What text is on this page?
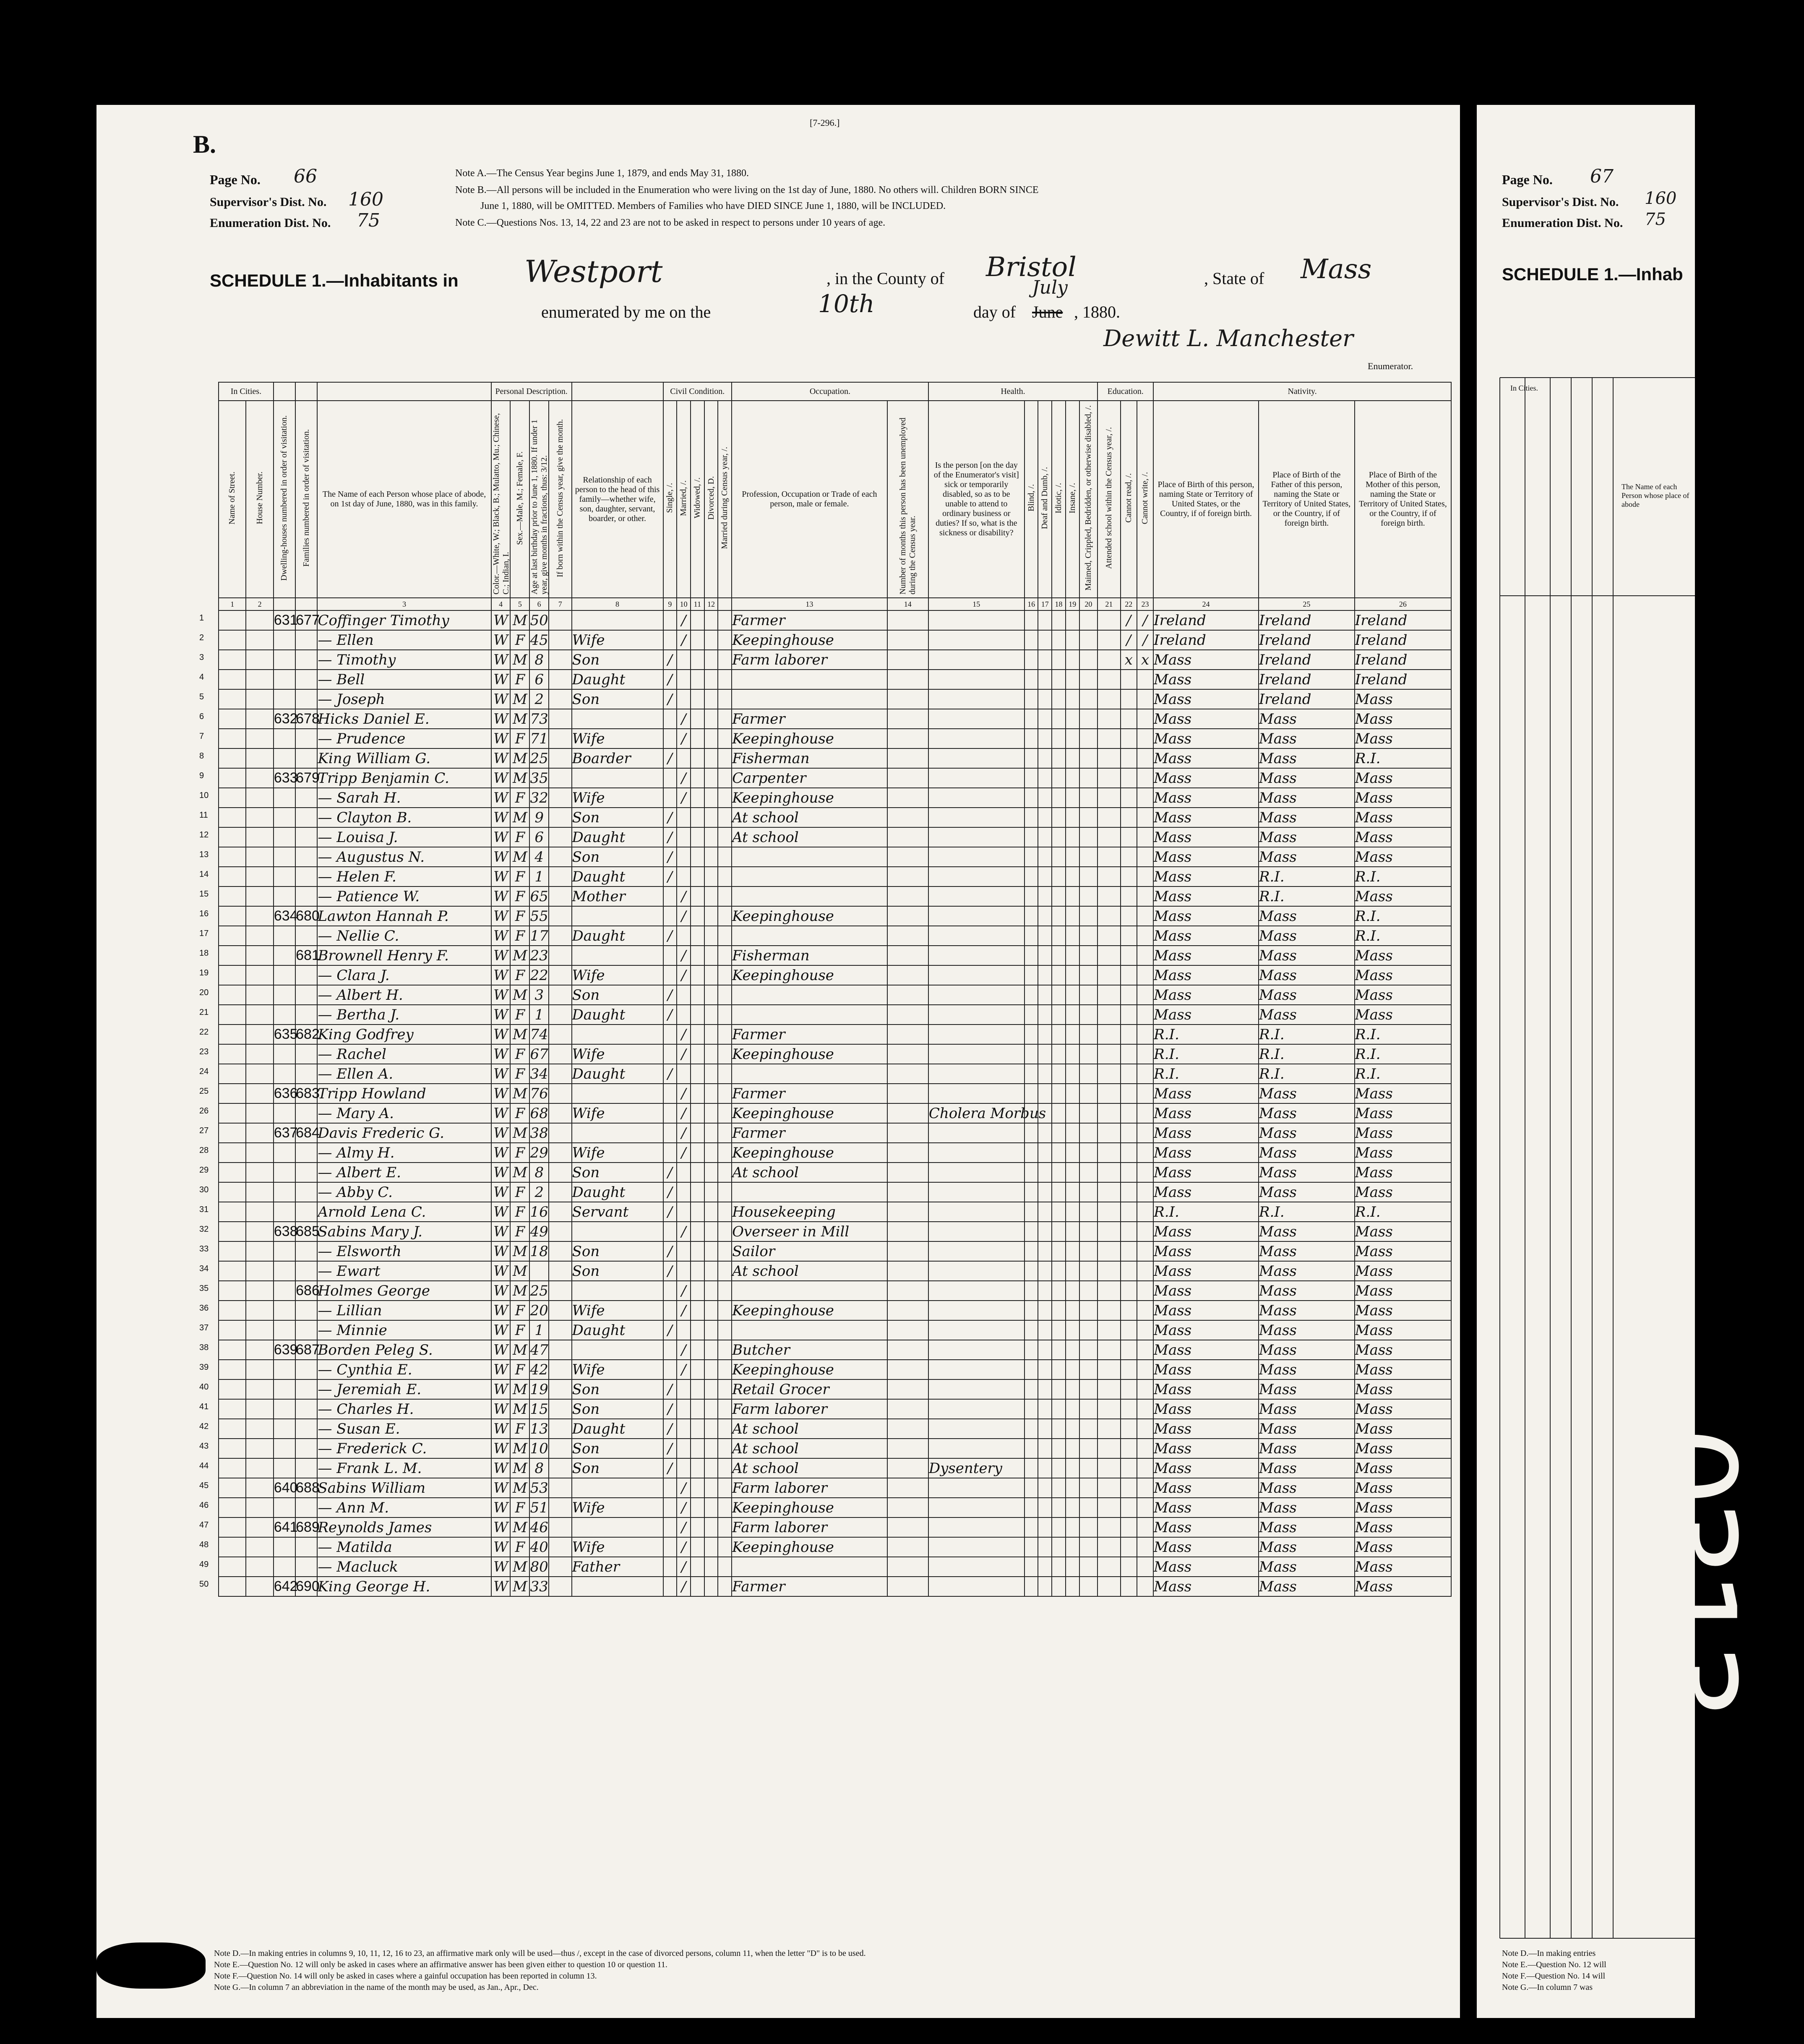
[7-296.]
B.
Page No. 66
Supervisor's Dist. No. 160
Enumeration Dist. No. 75
Note A.—The Census Year begins June 1, 1879, and ends May 31, 1880.
Note B.—All persons will be included in the Enumeration who were living on the 1st day of June, 1880. No others will. Children BORN SINCE
June 1, 1880, will be OMITTED. Members of Families who have DIED SINCE June 1, 1880, will be INCLUDED.
Note C.—Questions Nos. 13, 14, 22 and 23 are not to be asked in respect to persons under 10 years of age.
SCHEDULE 1.—Inhabitants in Westport	, in the County of Bristol	, State of Mass
enumerated by me on the	10th	day of
July
June , 1880.
Dewitt L. Manchester
Enumerator.
In Cities.					Personal Description.					Civil Condition.					Occupation.		Health.						Education.			Nativity.		
Name of Street.	House Number.	Dwelling-houses numbered in order of visitation.	Families numbered in order of visitation.	The Name of each Person whose place of abode, on 1st day of June, 1880, was in this family.	Color.—White, W.; Black, B.; Mulatto, Mu.; Chinese, C.; Indian, I.	Sex.—Male, M.; Female, F.	Age at last birthday prior to June 1, 1880. If under 1 year, give months in fractions, thus: 3/12.	If born within the Census year, give the month.	Relationship of each person to the head of this family—whether wife, son, daughter, servant, boarder, or other.	Single, /.	Married, /.	Widowed, /.	Divorced, D.	Married during Census year, /.	Profession, Occupation or Trade of each person, male or female.	Number of months this person has been unemployed during the Census year.	Is the person [on the day of the Enumerator's visit] sick or temporarily disabled, so as to be unable to attend to ordinary business or duties? If so, what is the sickness or disability?	Blind, /.	Deaf and Dumb, /.	Idiotic, /.	Insane, /.	Maimed, Crippled, Bedridden, or otherwise disabled, /.	Attended school within the Census year, /.	Cannot read, /.	Cannot write, /.	Place of Birth of this person, naming State or Territory of United States, or the Country, if of foreign birth.	Place of Birth of the Father of this person, naming the State or Territory of United States, or the Country, if of foreign birth.	Place of Birth of the Mother of this person, naming the State or Territory of United States, or the Country, if of foreign birth.
1	2			3	4	5	6	7	8	9	10	11	12		13	14	15	16	17	18	19	20	21	22	23	24	25	26
		631	677	Coffinger Timothy	W	M	50				/				Farmer									/	/	Ireland	Ireland	Ireland
				— Ellen	W	F	45		Wife		/				Keepinghouse									/	/	Ireland	Ireland	Ireland
				— Timothy	W	M	8		Son	/					Farm laborer									x	x	Mass	Ireland	Ireland
				— Bell	W	F	6		Daught	/																Mass	Ireland	Ireland
				— Joseph	W	M	2		Son	/																Mass	Ireland	Mass
		632	678	Hicks Daniel E.	W	M	73				/				Farmer											Mass	Mass	Mass
				— Prudence	W	F	71		Wife		/				Keepinghouse											Mass	Mass	Mass
				King William G.	W	M	25		Boarder	/					Fisherman											Mass	Mass	R.I.
		633	679	Tripp Benjamin C.	W	M	35				/				Carpenter											Mass	Mass	Mass
				— Sarah H.	W	F	32		Wife		/				Keepinghouse											Mass	Mass	Mass
				— Clayton B.	W	M	9		Son	/					At school											Mass	Mass	Mass
				— Louisa J.	W	F	6		Daught	/					At school											Mass	Mass	Mass
				— Augustus N.	W	M	4		Son	/																Mass	Mass	Mass
				— Helen F.	W	F	1		Daught	/																Mass	R.I.	R.I.
				— Patience W.	W	F	65		Mother		/															Mass	R.I.	Mass
		634	680	Lawton Hannah P.	W	F	55				/				Keepinghouse											Mass	Mass	R.I.
				— Nellie C.	W	F	17		Daught	/																Mass	Mass	R.I.
			681	Brownell Henry F.	W	M	23				/				Fisherman											Mass	Mass	Mass
				— Clara J.	W	F	22		Wife		/				Keepinghouse											Mass	Mass	Mass
				— Albert H.	W	M	3		Son	/																Mass	Mass	Mass
				— Bertha J.	W	F	1		Daught	/																Mass	Mass	Mass
		635	682	King Godfrey	W	M	74				/				Farmer											R.I.	R.I.	R.I.
				— Rachel	W	F	67		Wife		/				Keepinghouse											R.I.	R.I.	R.I.
				— Ellen A.	W	F	34		Daught	/																R.I.	R.I.	R.I.
		636	683	Tripp Howland	W	M	76				/				Farmer											Mass	Mass	Mass
				— Mary A.	W	F	68		Wife		/				Keepinghouse		Cholera Morbus									Mass	Mass	Mass
		637	684	Davis Frederic G.	W	M	38				/				Farmer											Mass	Mass	Mass
				— Almy H.	W	F	29		Wife		/				Keepinghouse											Mass	Mass	Mass
				— Albert E.	W	M	8		Son	/					At school											Mass	Mass	Mass
				— Abby C.	W	F	2		Daught	/																Mass	Mass	Mass
				Arnold Lena C.	W	F	16		Servant	/					Housekeeping											R.I.	R.I.	R.I.
		638	685	Sabins Mary J.	W	F	49				/				Overseer in Mill											Mass	Mass	Mass
				— Elsworth	W	M	18		Son	/					Sailor											Mass	Mass	Mass
				— Ewart	W	M			Son	/					At school											Mass	Mass	Mass
			686	Holmes George	W	M	25				/															Mass	Mass	Mass
				— Lillian	W	F	20		Wife		/				Keepinghouse											Mass	Mass	Mass
				— Minnie	W	F	1		Daught	/																Mass	Mass	Mass
		639	687	Borden Peleg S.	W	M	47				/				Butcher											Mass	Mass	Mass
				— Cynthia E.	W	F	42		Wife		/				Keepinghouse											Mass	Mass	Mass
				— Jeremiah E.	W	M	19		Son	/					Retail Grocer											Mass	Mass	Mass
				— Charles H.	W	M	15		Son	/					Farm laborer											Mass	Mass	Mass
				— Susan E.	W	F	13		Daught	/					At school											Mass	Mass	Mass
				— Frederick C.	W	M	10		Son	/					At school											Mass	Mass	Mass
				— Frank L. M.	W	M	8		Son	/					At school		Dysentery									Mass	Mass	Mass
		640	688	Sabins William	W	M	53				/				Farm laborer											Mass	Mass	Mass
				— Ann M.	W	F	51		Wife		/				Keepinghouse											Mass	Mass	Mass
		641	689	Reynolds James	W	M	46				/				Farm laborer											Mass	Mass	Mass
				— Matilda	W	F	40		Wife		/				Keepinghouse											Mass	Mass	Mass
				— Macluck	W	M	80		Father		/															Mass	Mass	Mass
		642	690	King George H.	W	M	33				/				Farmer											Mass	Mass	Mass
1
2
3
4
5
6
7
8
9
10
11
12
13
14
15
16
17
18
19
20
21
22
23
24
25
26
27
28
29
30
31
32
33
34
35
36
37
38
39
40
41
42
43
44
45
46
47
48
49
50
Note D.—In making entries in columns 9, 10, 11, 12, 16 to 23, an affirmative mark only will be used—thus /, except in the case of divorced persons, column 11, when the letter "D" is to be used.
Note E.—Question No. 12 will only be asked in cases where an affirmative answer has been given either to question 10 or question 11.
Note F.—Question No. 14 will only be asked in cases where a gainful occupation has been reported in column 13.
Note G.—In column 7 an abbreviation in the name of the month may be used, as Jan., Apr., Dec.
Page No. 67
Supervisor's Dist. No. 160
Enumeration Dist. No. 75
SCHEDULE 1.—Inhab
In Cities.
The Name of each Person whose place of abode
Note D.—In making entries
Note E.—Question No. 12 will
Note F.—Question No. 14 will
Note G.—In column 7 was
